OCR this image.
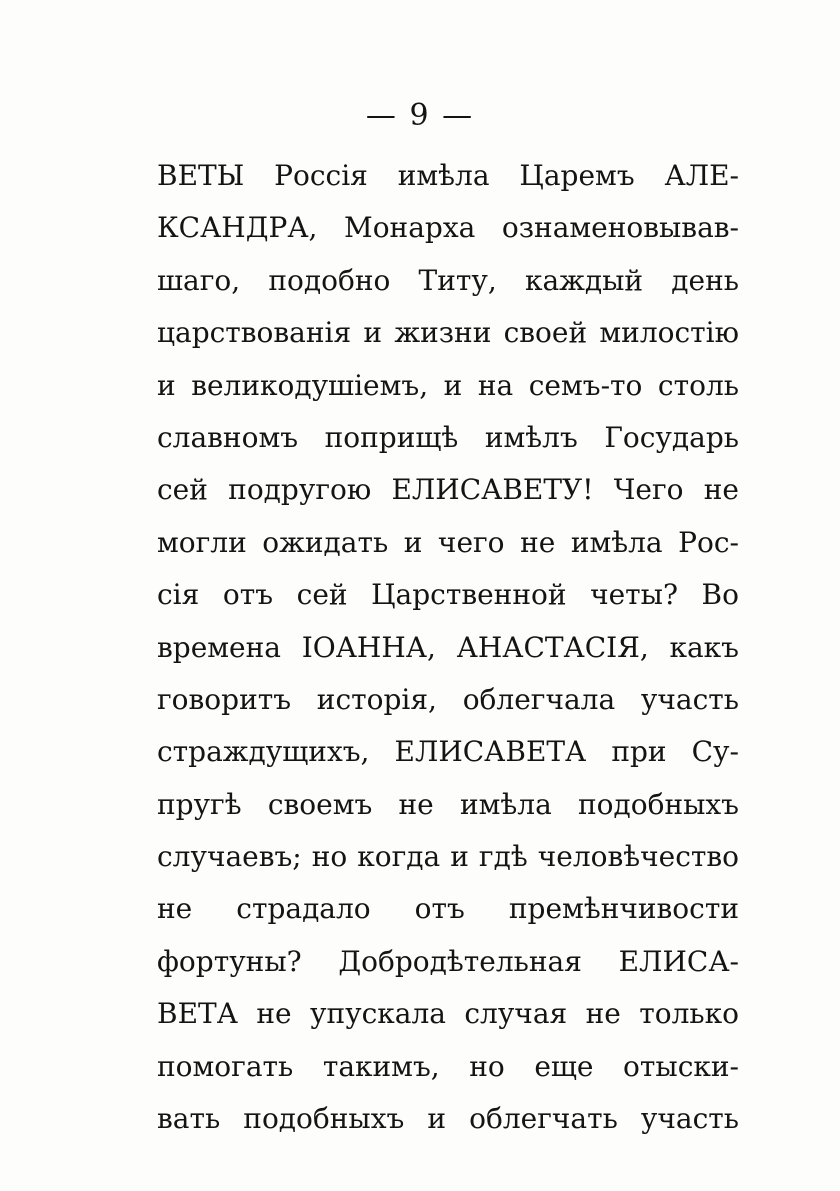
— 9 —
ВЕТЫ Россія имѣла Царемъ АЛЕ-
КСАНДРА, Монарха ознаменовывав-
шаго, подобно Титу, каждый день
царствованія и жизни своей милостію
и великодушіемъ, и на семъ-то столь
славномъ поприщѣ имѣлъ Государь
сей подругою ЕЛИСАВЕТУ! Чего не
могли ожидать и чего не имѣла Рос-
сія отъ сей Царственной четы? Во
времена ІОАННА, АНАСТАСІЯ, какъ
говоритъ исторія, облегчала участь
страждущихъ, ЕЛИСАВЕТА при Су-
пругѣ своемъ не имѣла подобныхъ
случаевъ; но когда и гдѣ человѣчество
не страдало отъ премѣнчивости
фортуны? Добродѣтельная ЕЛИСА-
ВЕТА не упускала случая не только
помогать такимъ, но еще отыски-
вать подобныхъ и облегчать участь
